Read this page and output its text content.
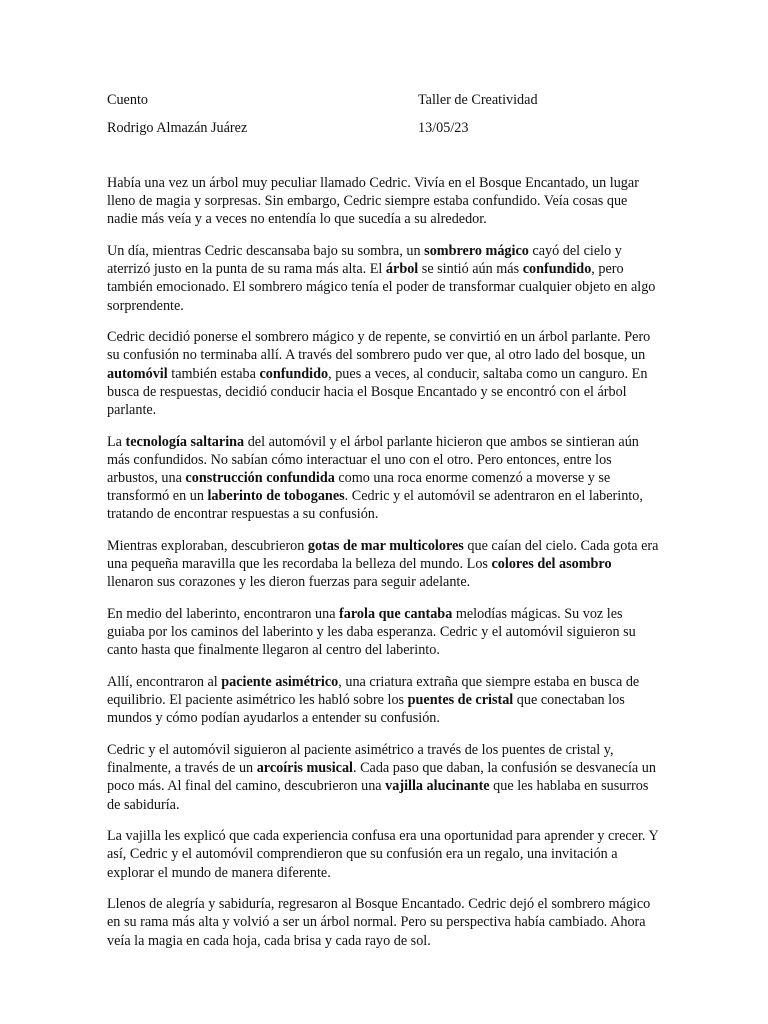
Cuento	Taller de Creatividad
Rodrigo Almazán Juárez	13/05/23

Había una vez un árbol muy peculiar llamado Cedric. Vivía en el Bosque Encantado, un lugar lleno de magia y sorpresas. Sin embargo, Cedric siempre estaba confundido. Veía cosas que nadie más veía y a veces no entendía lo que sucedía a su alrededor.

Un día, mientras Cedric descansaba bajo su sombra, un sombrero mágico cayó del cielo y aterrizó justo en la punta de su rama más alta. El árbol se sintió aún más confundido, pero también emocionado. El sombrero mágico tenía el poder de transformar cualquier objeto en algo sorprendente.

Cedric decidió ponerse el sombrero mágico y de repente, se convirtió en un árbol parlante. Pero su confusión no terminaba allí. A través del sombrero pudo ver que, al otro lado del bosque, un automóvil también estaba confundido, pues a veces, al conducir, saltaba como un canguro. En busca de respuestas, decidió conducir hacia el Bosque Encantado y se encontró con el árbol parlante.

La tecnología saltarina del automóvil y el árbol parlante hicieron que ambos se sintieran aún más confundidos. No sabían cómo interactuar el uno con el otro. Pero entonces, entre los arbustos, una construcción confundida como una roca enorme comenzó a moverse y se transformó en un laberinto de toboganes. Cedric y el automóvil se adentraron en el laberinto, tratando de encontrar respuestas a su confusión.

Mientras exploraban, descubrieron gotas de mar multicolores que caían del cielo. Cada gota era una pequeña maravilla que les recordaba la belleza del mundo. Los colores del asombro llenaron sus corazones y les dieron fuerzas para seguir adelante.

En medio del laberinto, encontraron una farola que cantaba melodías mágicas. Su voz les guiaba por los caminos del laberinto y les daba esperanza. Cedric y el automóvil siguieron su canto hasta que finalmente llegaron al centro del laberinto.

Allí, encontraron al paciente asimétrico, una criatura extraña que siempre estaba en busca de equilibrio. El paciente asimétrico les habló sobre los puentes de cristal que conectaban los mundos y cómo podían ayudarlos a entender su confusión.

Cedric y el automóvil siguieron al paciente asimétrico a través de los puentes de cristal y, finalmente, a través de un arcoíris musical. Cada paso que daban, la confusión se desvanecía un poco más. Al final del camino, descubrieron una vajilla alucinante que les hablaba en susurros de sabiduría.

La vajilla les explicó que cada experiencia confusa era una oportunidad para aprender y crecer. Y así, Cedric y el automóvil comprendieron que su confusión era un regalo, una invitación a explorar el mundo de manera diferente.

Llenos de alegría y sabiduría, regresaron al Bosque Encantado. Cedric dejó el sombrero mágico en su rama más alta y volvió a ser un árbol normal. Pero su perspectiva había cambiado. Ahora veía la magia en cada hoja, cada brisa y cada rayo de sol.
